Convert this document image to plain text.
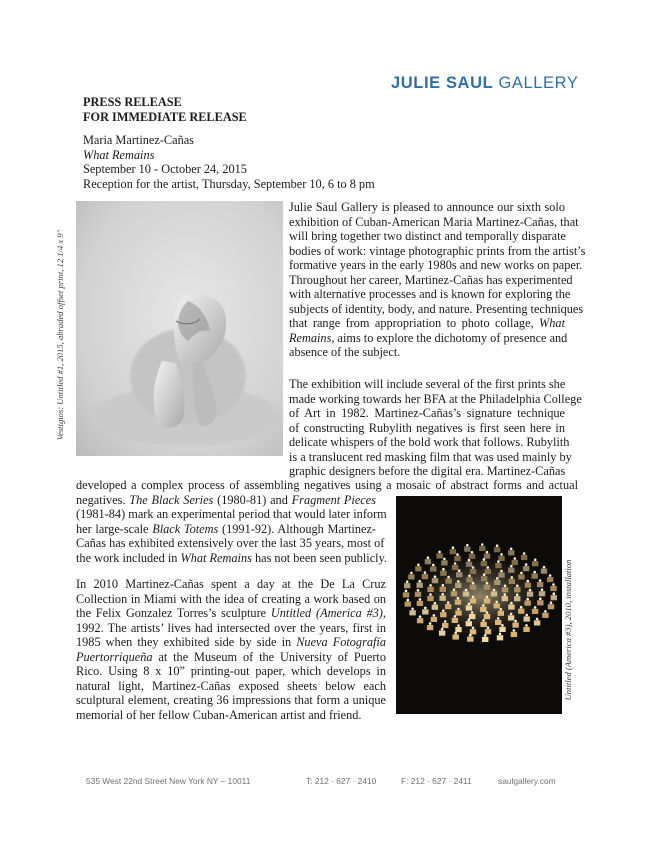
JULIE SAUL GALLERY
PRESS RELEASE
FOR IMMEDIATE RELEASE
Maria Martinez-Cañas
What Remains
September 10 - October 24, 2015
Reception for the artist, Thursday, September 10, 6 to 8 pm
Vestigios: Untitled #1, 2015, abraded offset print, 12 1/4 x 9"
Untitled (America #3), 2010, installation
Julie Saul Gallery is pleased to announce our sixth solo
exhibition of Cuban-American Maria Martinez-Cañas, that
will bring together two distinct and temporally disparate
bodies of work: vintage photographic prints from the artist’s
formative years in the early 1980s and new works on paper.
Throughout her career, Martinez-Cañas has experimented
with alternative processes and is known for exploring the
subjects of identity, body, and nature. Presenting techniques
that range from appropriation to photo collage, What
Remains, aims to explore the dichotomy of presence and
absence of the subject.
The exhibition will include several of the first prints she
made working towards her BFA at the Philadelphia College
of Art in 1982. Martinez-Cañas’s signature technique
of constructing Rubylith negatives is first seen here in
delicate whispers of the bold work that follows. Rubylith
is a translucent red masking film that was used mainly by
graphic designers before the digital era. Martinez-Cañas
developed a complex process of assembling negatives using a mosaic of abstract forms and actual
negatives. The Black Series (1980-81) and Fragment Pieces
(1981-84) mark an experimental period that would later inform
her large-scale Black Totems (1991-92). Although Martinez-
Cañas has exhibited extensively over the last 35 years, most of
the work included in What Remains has not been seen publicly.
In 2010 Martinez-Cañas spent a day at the De La Cruz
Collection in Miami with the idea of creating a work based on
the Felix Gonzalez Torres’s sculpture Untitled (America #3),
1992. The artists’ lives had intersected over the years, first in
1985 when they exhibited side by side in Nueva Fotografía
Puertorriqueña at the Museum of the University of Puerto
Rico. Using 8 x 10” printing-out paper, which develops in
natural light, Martinez-Cañas exposed sheets below each
sculptural element, creating 36 impressions that form a unique
memorial of her fellow Cuban-American artist and friend.
535 West 22nd Street New York NY – 10011	T: 212 · 627 · 2410	F: 212 · 627 · 2411	saulgallery.com
